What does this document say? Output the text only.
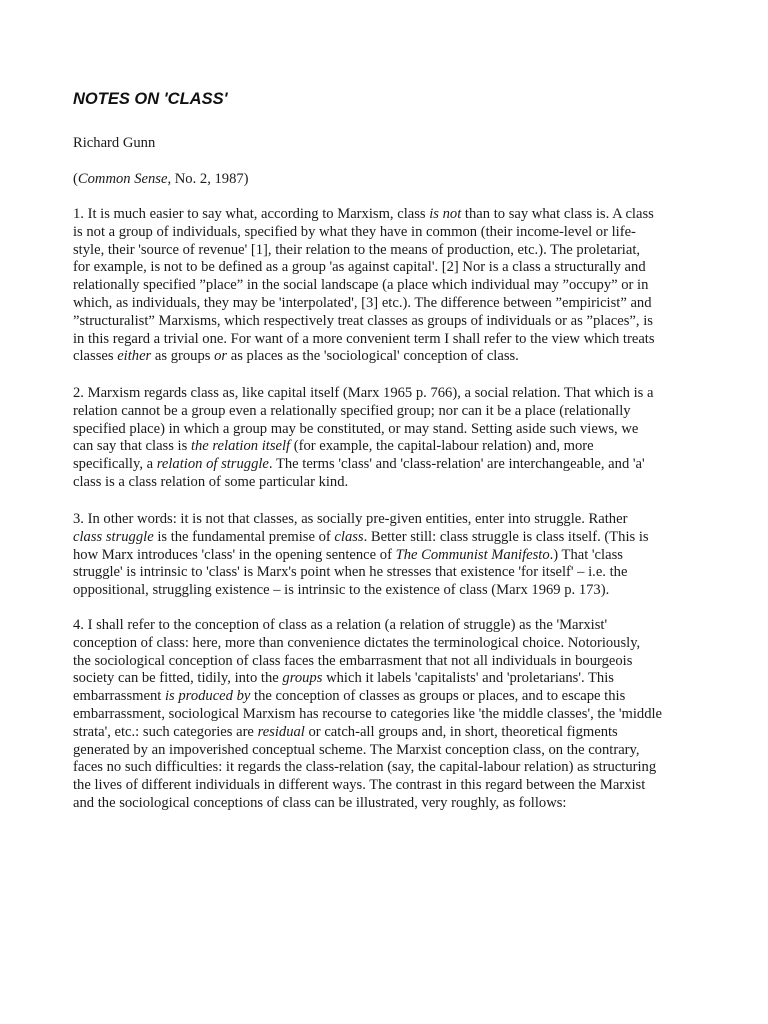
NOTES ON 'CLASS'

Richard Gunn

(Common Sense, No. 2, 1987)

1. It is much easier to say what, according to Marxism, class is not than to say what class is. A class
is not a group of individuals, specified by what they have in common (their income-level or life-
style, their 'source of revenue' [1], their relation to the means of production, etc.). The proletariat,
for example, is not to be defined as a group 'as against capital'. [2] Nor is a class a structurally and
relationally specified ”place” in the social landscape (a place which individual may ”occupy” or in
which, as individuals, they may be 'interpolated', [3] etc.). The difference between ”empiricist” and
”structuralist” Marxisms, which respectively treat classes as groups of individuals or as ”places”, is
in this regard a trivial one. For want of a more convenient term I shall refer to the view which treats
classes either as groups or as places as the 'sociological' conception of class.
2. Marxism regards class as, like capital itself (Marx 1965 p. 766), a social relation. That which is a
relation cannot be a group even a relationally specified group; nor can it be a place (relationally
specified place) in which a group may be constituted, or may stand. Setting aside such views, we
can say that class is the relation itself (for example, the capital-labour relation) and, more
specifically, a relation of struggle. The terms 'class' and 'class-relation' are interchangeable, and 'a'
class is a class relation of some particular kind.
3. In other words: it is not that classes, as socially pre-given entities, enter into struggle. Rather
class struggle is the fundamental premise of class. Better still: class struggle is class itself. (This is
how Marx introduces 'class' in the opening sentence of The Communist Manifesto.) That 'class
struggle' is intrinsic to 'class' is Marx's point when he stresses that existence 'for itself' – i.e. the
oppositional, struggling existence – is intrinsic to the existence of class (Marx 1969 p. 173).
4. I shall refer to the conception of class as a relation (a relation of struggle) as the 'Marxist'
conception of class: here, more than convenience dictates the terminological choice. Notoriously,
the sociological conception of class faces the embarrasment that not all individuals in bourgeois
society can be fitted, tidily, into the groups which it labels 'capitalists' and 'proletarians'. This
embarrassment is produced by the conception of classes as groups or places, and to escape this
embarrassment, sociological Marxism has recourse to categories like 'the middle classes', the 'middle
strata', etc.: such categories are residual or catch-all groups and, in short, theoretical figments
generated by an impoverished conceptual scheme. The Marxist conception class, on the contrary,
faces no such difficulties: it regards the class-relation (say, the capital-labour relation) as structuring
the lives of different individuals in different ways. The contrast in this regard between the Marxist
and the sociological conceptions of class can be illustrated, very roughly, as follows:
